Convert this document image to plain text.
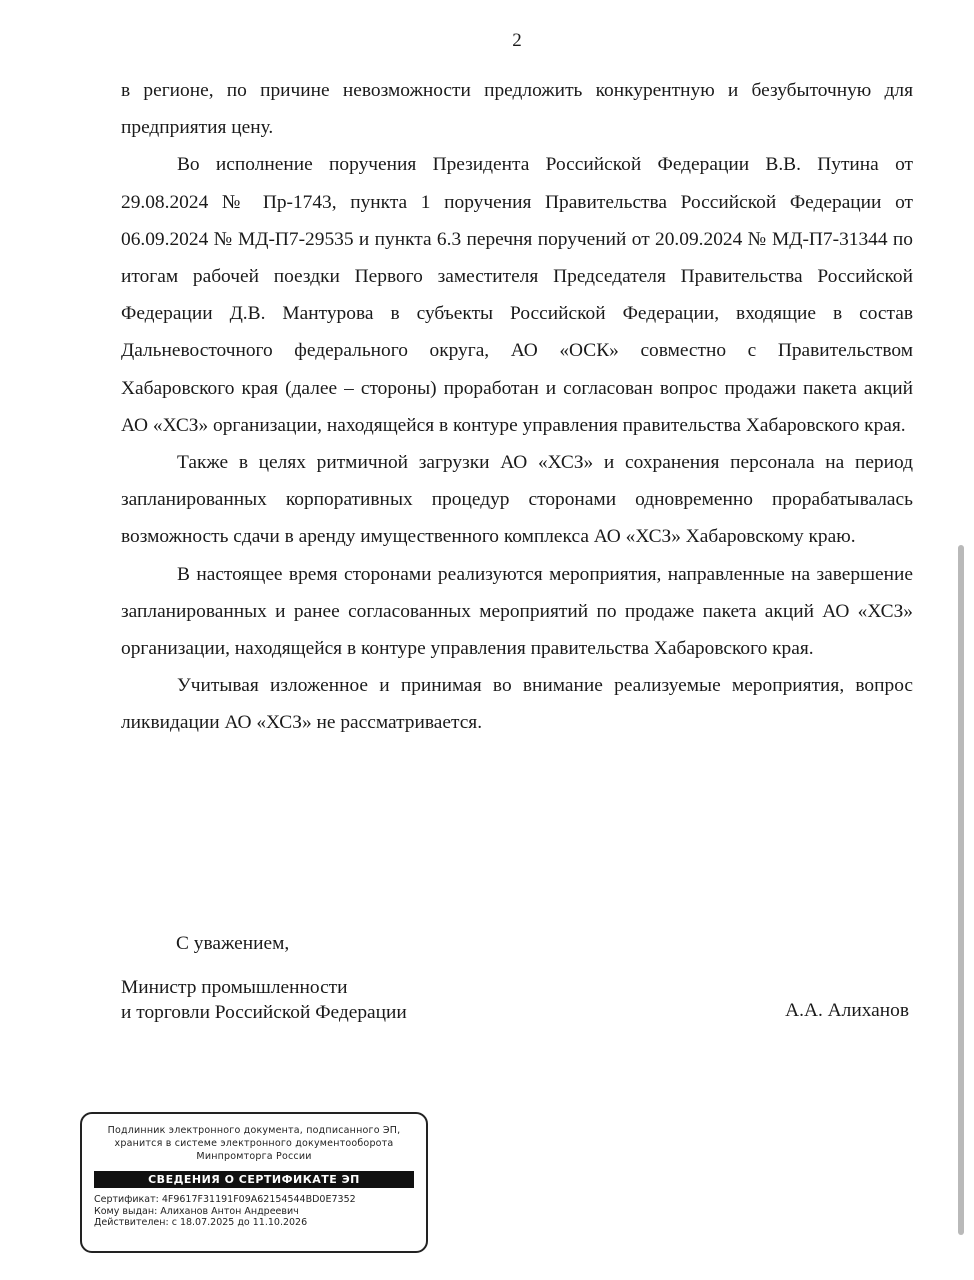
2

в регионе, по причине невозможности предложить конкурентную и безубыточную для предприятия цену.

Во исполнение поручения Президента Российской Федерации В.В. Путина от 29.08.2024 № Пр-1743, пункта 1 поручения Правительства Российской Федерации от 06.09.2024 № МД-П7-29535 и пункта 6.3 перечня поручений от 20.09.2024 № МД-П7-31344 по итогам рабочей поездки Первого заместителя Председателя Правительства Российской Федерации Д.В. Мантурова в субъекты Российской Федерации, входящие в состав Дальневосточного федерального округа, АО «ОСК» совместно с Правительством Хабаровского края (далее – стороны) проработан и согласован вопрос продажи пакета акций АО «ХСЗ» организации, находящейся в контуре управления правительства Хабаровского края.

Также в целях ритмичной загрузки АО «ХСЗ» и сохранения персонала на период запланированных корпоративных процедур сторонами одновременно прорабатывалась возможность сдачи в аренду имущественного комплекса АО «ХСЗ» Хабаровскому краю.

В настоящее время сторонами реализуются мероприятия, направленные на завершение запланированных и ранее согласованных мероприятий по продаже пакета акций АО «ХСЗ» организации, находящейся в контуре управления правительства Хабаровского края.

Учитывая изложенное и принимая во внимание реализуемые мероприятия, вопрос ликвидации АО «ХСЗ» не рассматривается.

С уважением,
Министр промышленности
и торговли Российской Федерации	А.А. Алиханов
Подлинник электронного документа, подписанного ЭП,
хранится в системе электронного документооборота
Минпромторга России
СВЕДЕНИЯ О СЕРТИФИКАТЕ ЭП
Сертификат: 4F9617F31191F09A62154544BD0E7352
Кому выдан: Алиханов Антон Андреевич
Действителен: с 18.07.2025 до 11.10.2026
